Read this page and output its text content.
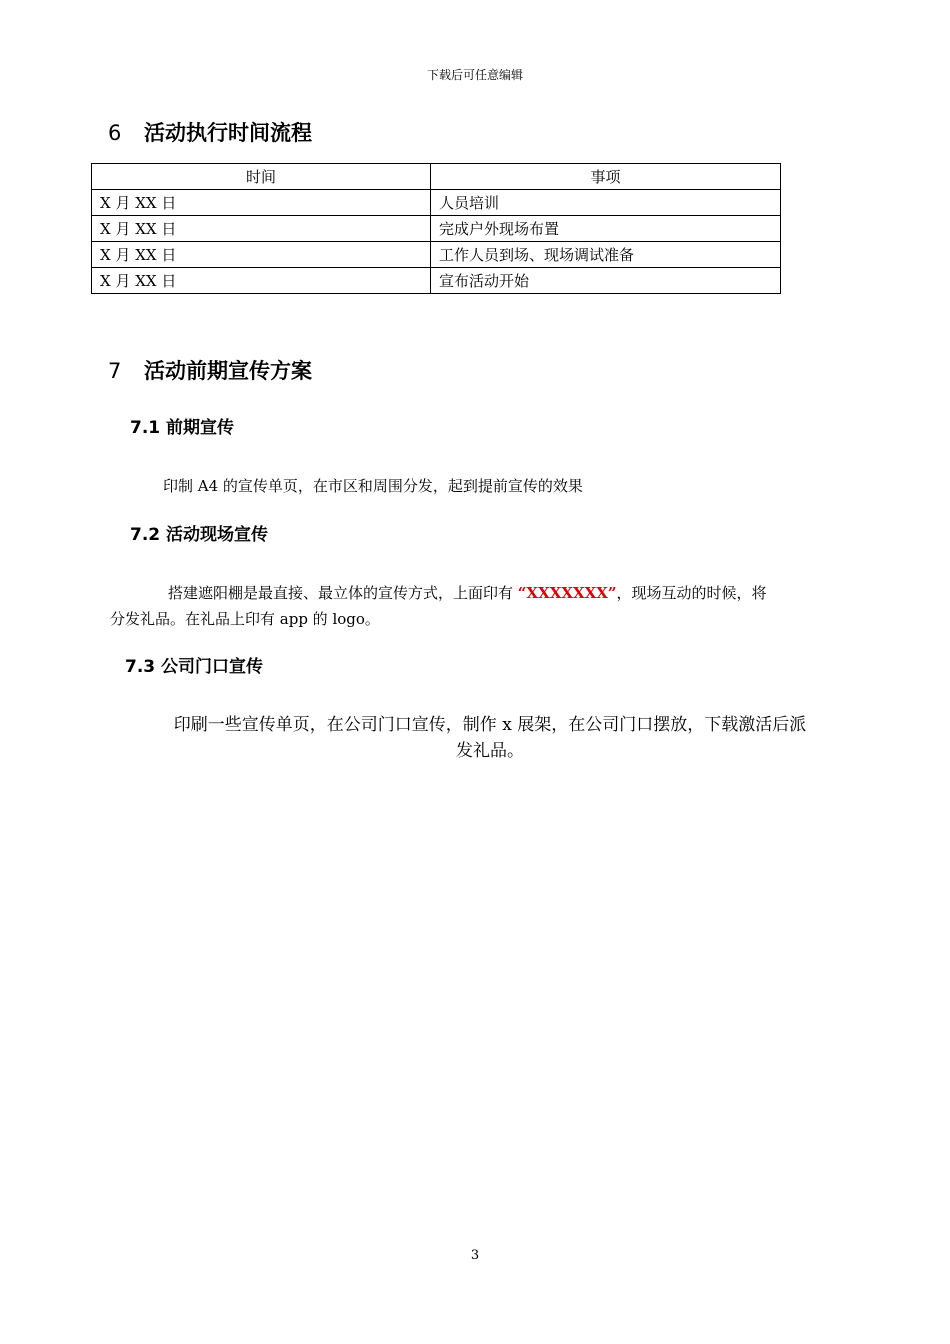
下载后可任意编辑
6 活动执行时间流程
时间	事项
X 月 XX 日	人员培训
X 月 XX 日	完成户外现场布置
X 月 XX 日	工作人员到场、现场调试准备
X 月 XX 日	宣布活动开始
7 活动前期宣传方案
7.1 前期宣传
印制 A4 的宣传单页，在市区和周围分发，起到提前宣传的效果
7.2 活动现场宣传
搭建遮阳棚是最直接、最立体的宣传方式，上面印有 “XXXXXXX”，现场互动的时候，将
分发礼品。在礼品上印有 app 的 logo。
7.3 公司门口宣传
印刷一些宣传单页，在公司门口宣传，制作 x 展架，在公司门口摆放，下载激活后派
发礼品。
3
